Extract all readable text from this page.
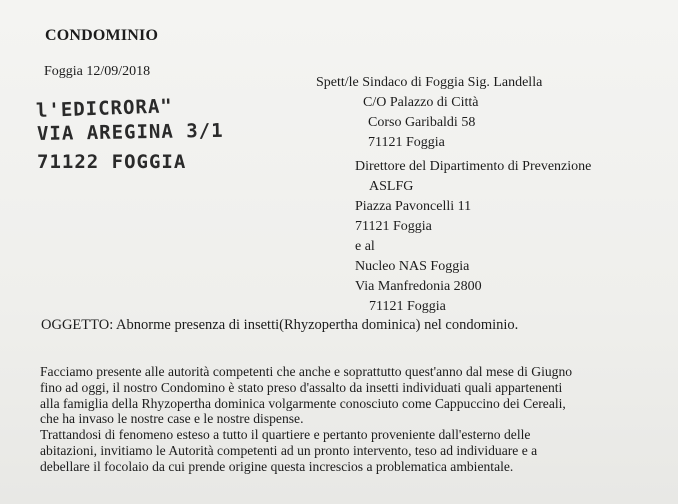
CONDOMINIO
Foggia 12/09/2018
l'EDICRORA"
VIA AREGINA 3/1
71122 FOGGIA
Spett/le Sindaco di Foggia Sig. Landella
C/O Palazzo di Città
Corso Garibaldi 58
71121 Foggia
Direttore del Dipartimento di Prevenzione
ASLFG
Piazza Pavoncelli 11
71121 Foggia
e al
Nucleo NAS Foggia
Via Manfredonia 2800
71121 Foggia
OGGETTO: Abnorme presenza di insetti(Rhyzopertha dominica) nel condominio.

Facciamo presente alle autorità competenti che anche e soprattutto quest'anno dal mese di Giugno
fino ad oggi, il nostro Condomino è stato preso d'assalto da insetti individuati quali appartenenti
alla famiglia della Rhyzopertha dominica volgarmente conosciuto come Cappuccino dei Cereali,
che ha invaso le nostre case e le nostre dispense.

Trattandosi di fenomeno esteso a tutto il quartiere e pertanto proveniente dall'esterno delle
abitazioni, invitiamo le Autorità competenti ad un pronto intervento, teso ad individuare e a
debellare il focolaio da cui prende origine questa increscios a problematica ambientale.
